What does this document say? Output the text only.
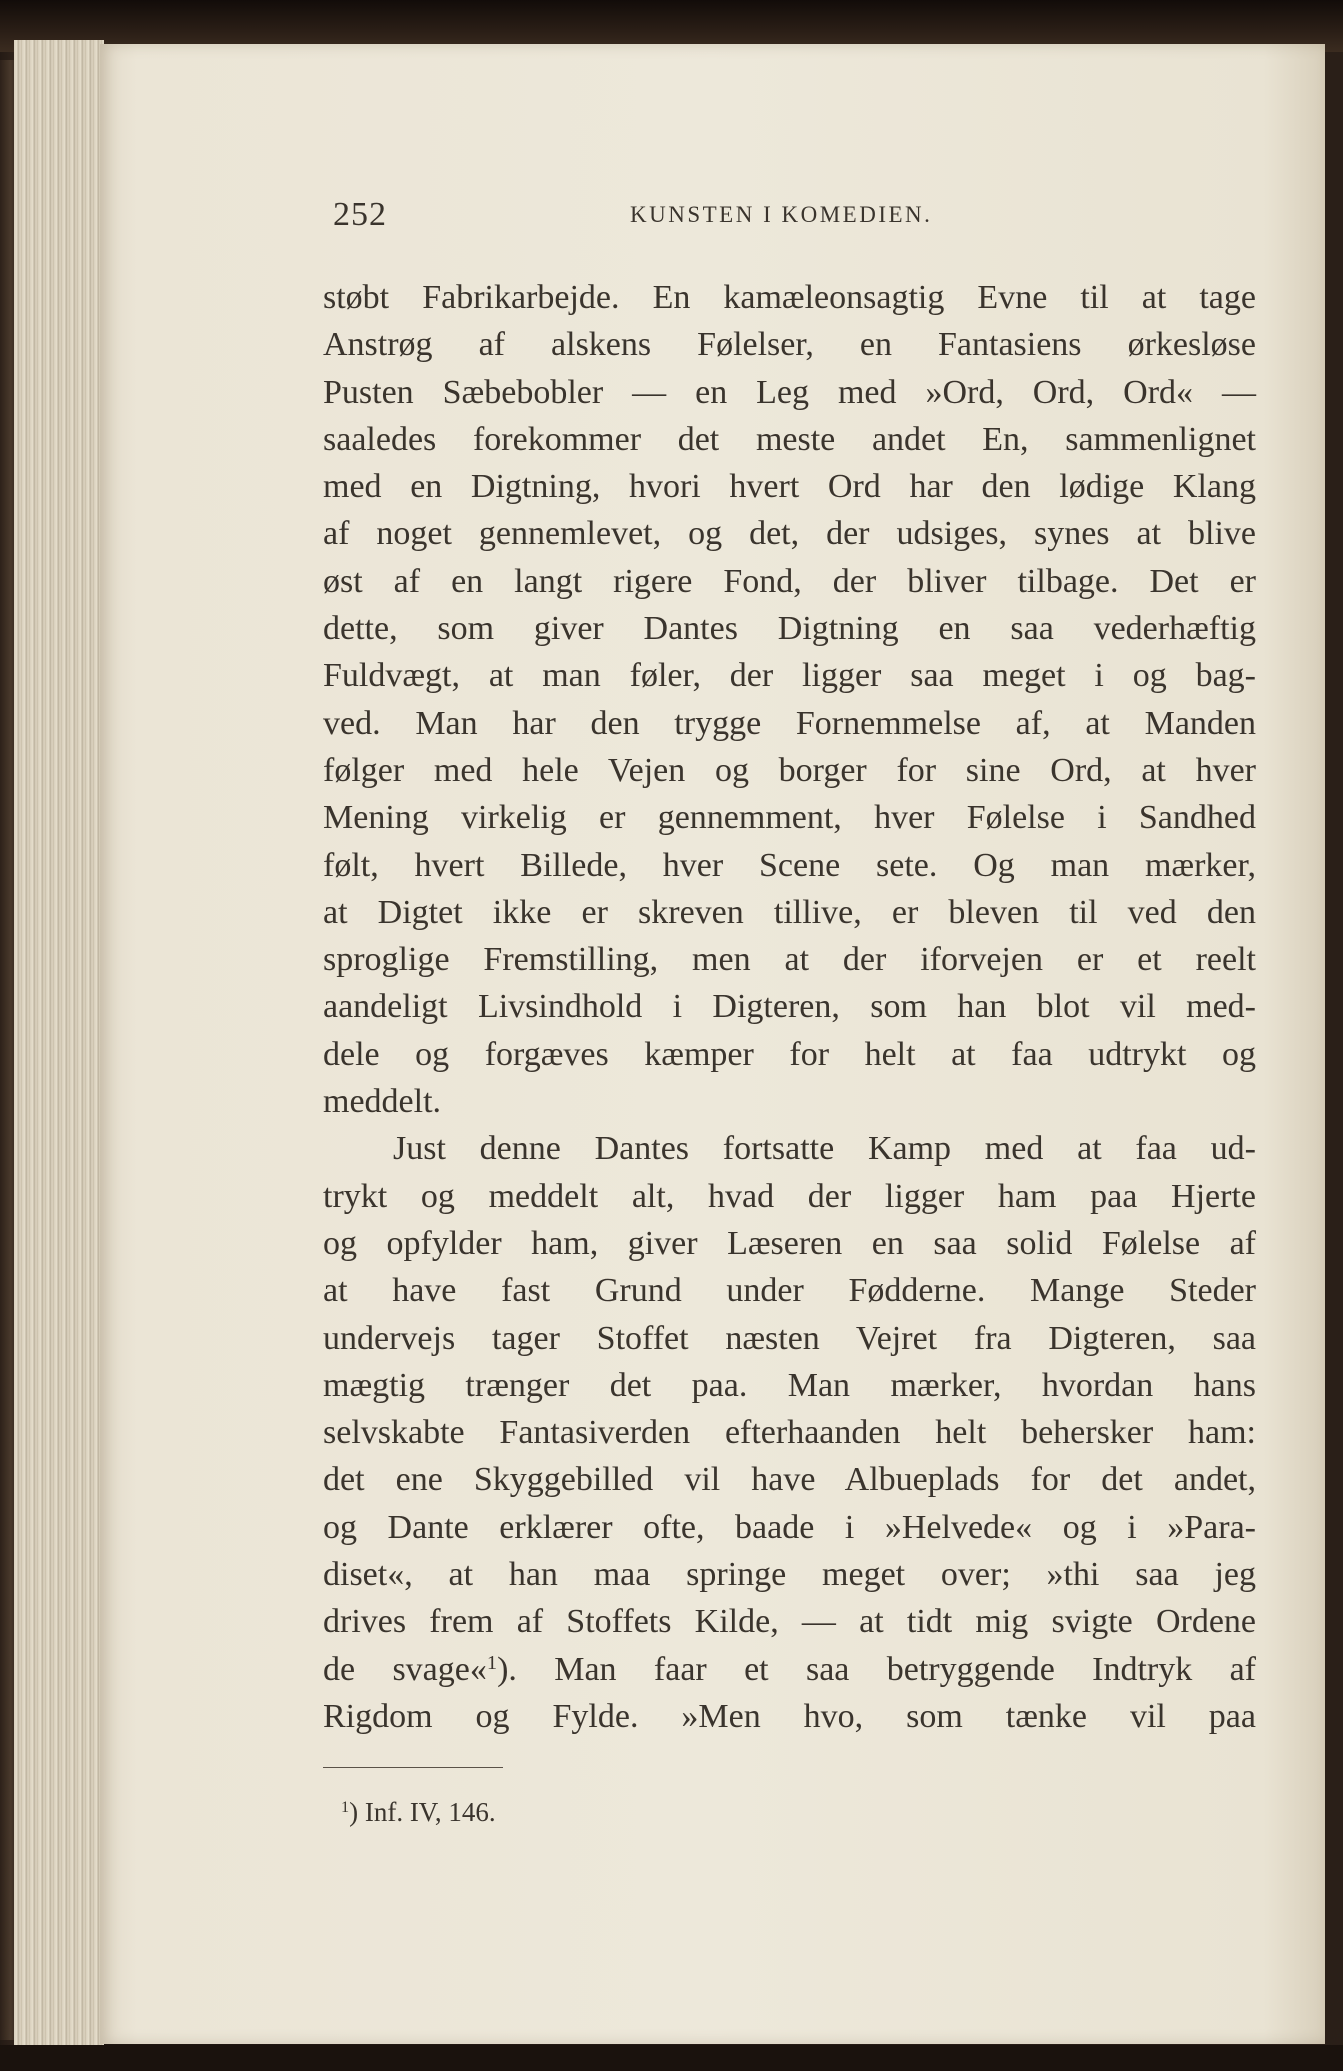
252	KUNSTEN I KOMEDIEN.
støbt Fabrikarbejde. En kamæleonsagtig Evne til at tage
Anstrøg af alskens Følelser, en Fantasiens ørkesløse
Pusten Sæbebobler — en Leg med »Ord, Ord, Ord« —
saaledes forekommer det meste andet En, sammenlignet
med en Digtning, hvori hvert Ord har den lødige Klang
af noget gennemlevet, og det, der udsiges, synes at blive
øst af en langt rigere Fond, der bliver tilbage. Det er
dette, som giver Dantes Digtning en saa vederhæftig
Fuldvægt, at man føler, der ligger saa meget i og bag-
ved. Man har den trygge Fornemmelse af, at Manden
følger med hele Vejen og borger for sine Ord, at hver
Mening virkelig er gennemment, hver Følelse i Sandhed
følt, hvert Billede, hver Scene sete. Og man mærker,
at Digtet ikke er skreven tillive, er bleven til ved den
sproglige Fremstilling, men at der iforvejen er et reelt
aandeligt Livsindhold i Digteren, som han blot vil med-
dele og forgæves kæmper for helt at faa udtrykt og
meddelt.
Just denne Dantes fortsatte Kamp med at faa ud-
trykt og meddelt alt, hvad der ligger ham paa Hjerte
og opfylder ham, giver Læseren en saa solid Følelse af
at have fast Grund under Fødderne. Mange Steder
undervejs tager Stoffet næsten Vejret fra Digteren, saa
mægtig trænger det paa. Man mærker, hvordan hans
selvskabte Fantasiverden efterhaanden helt behersker ham:
det ene Skyggebilled vil have Albueplads for det andet,
og Dante erklærer ofte, baade i »Helvede« og i »Para-
diset«, at han maa springe meget over; »thi saa jeg
drives frem af Stoffets Kilde, — at tidt mig svigte Ordene
de svage«$^1$). Man faar et saa betryggende Indtryk af
Rigdom og Fylde. »Men hvo, som tænke vil paa
$^1$) Inf. IV, 146.
